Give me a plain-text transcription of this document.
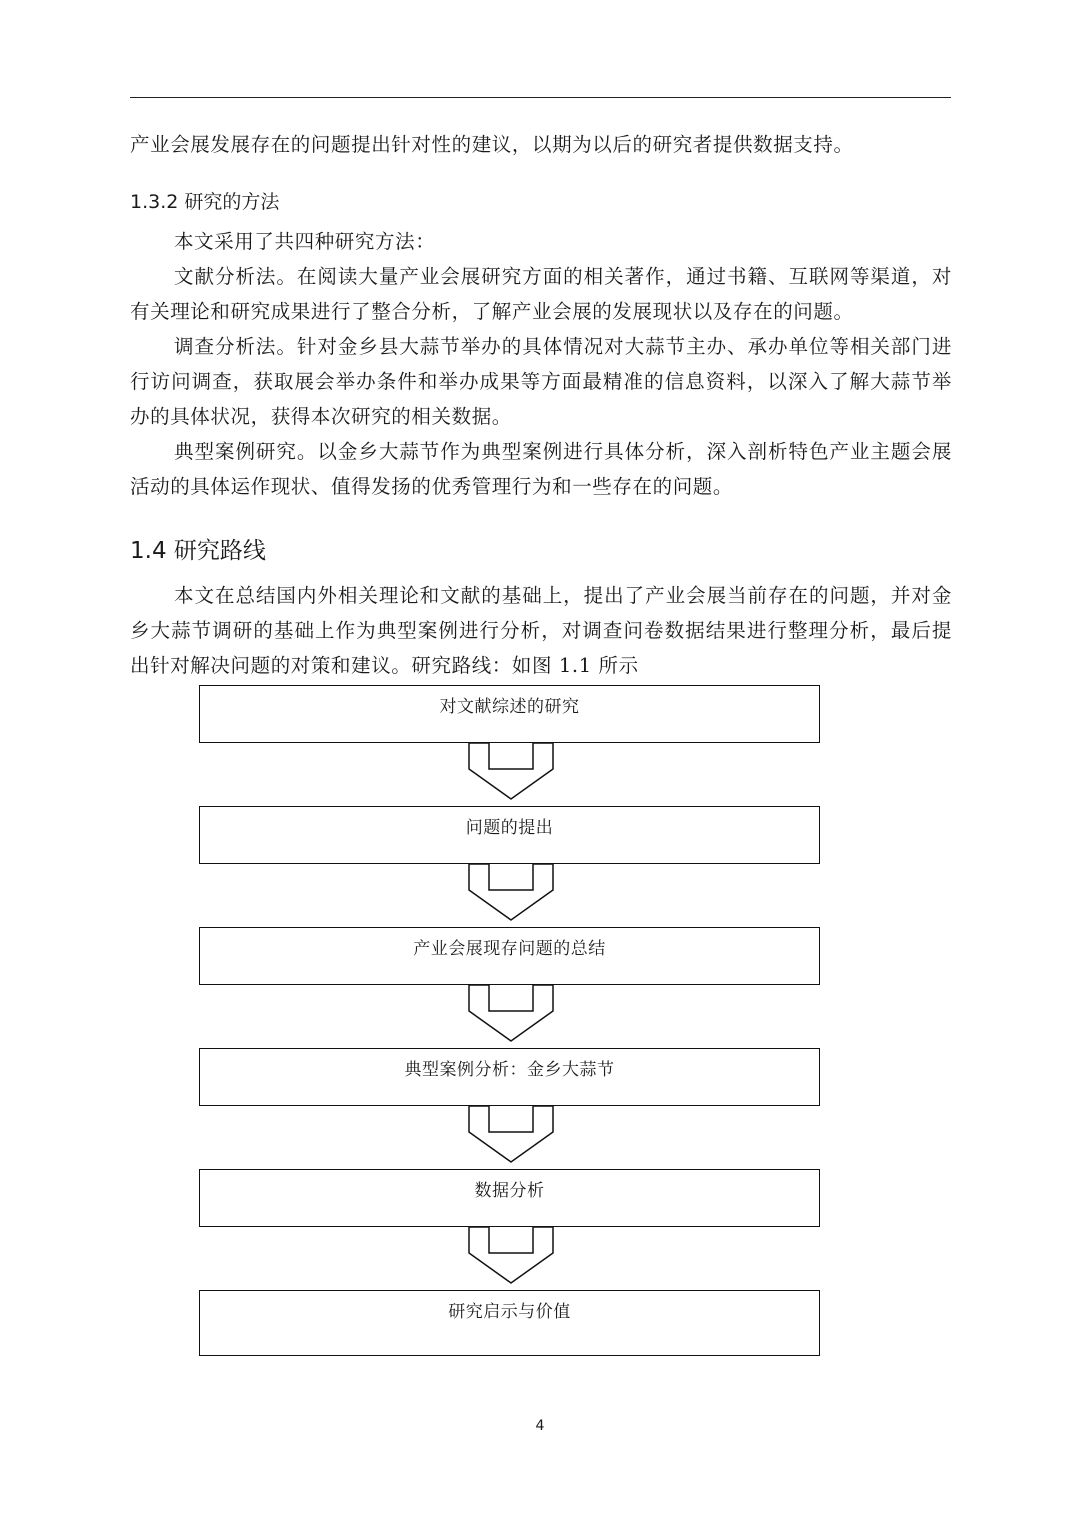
产业会展发展存在的问题提出针对性的建议，以期为以后的研究者提供数据支持。

1.3.2 研究的方法

本文采用了共四种研究方法：

文献分析法。在阅读大量产业会展研究方面的相关著作，通过书籍、互联网等渠道，对有关理论和研究成果进行了整合分析，了解产业会展的发展现状以及存在的问题。

调查分析法。针对金乡县大蒜节举办的具体情况对大蒜节主办、承办单位等相关部门进行访问调查，获取展会举办条件和举办成果等方面最精准的信息资料，以深入了解大蒜节举办的具体状况，获得本次研究的相关数据。

典型案例研究。以金乡大蒜节作为典型案例进行具体分析，深入剖析特色产业主题会展活动的具体运作现状、值得发扬的优秀管理行为和一些存在的问题。

1.4 研究路线

本文在总结国内外相关理论和文献的基础上，提出了产业会展当前存在的问题，并对金乡大蒜节调研的基础上作为典型案例进行分析，对调查问卷数据结果进行整理分析，最后提出针对解决问题的对策和建议。研究路线：如图 1.1 所示

对文献综述的研究
问题的提出
产业会展现存问题的总结
典型案例分析：金乡大蒜节
数据分析
研究启示与价值
4
